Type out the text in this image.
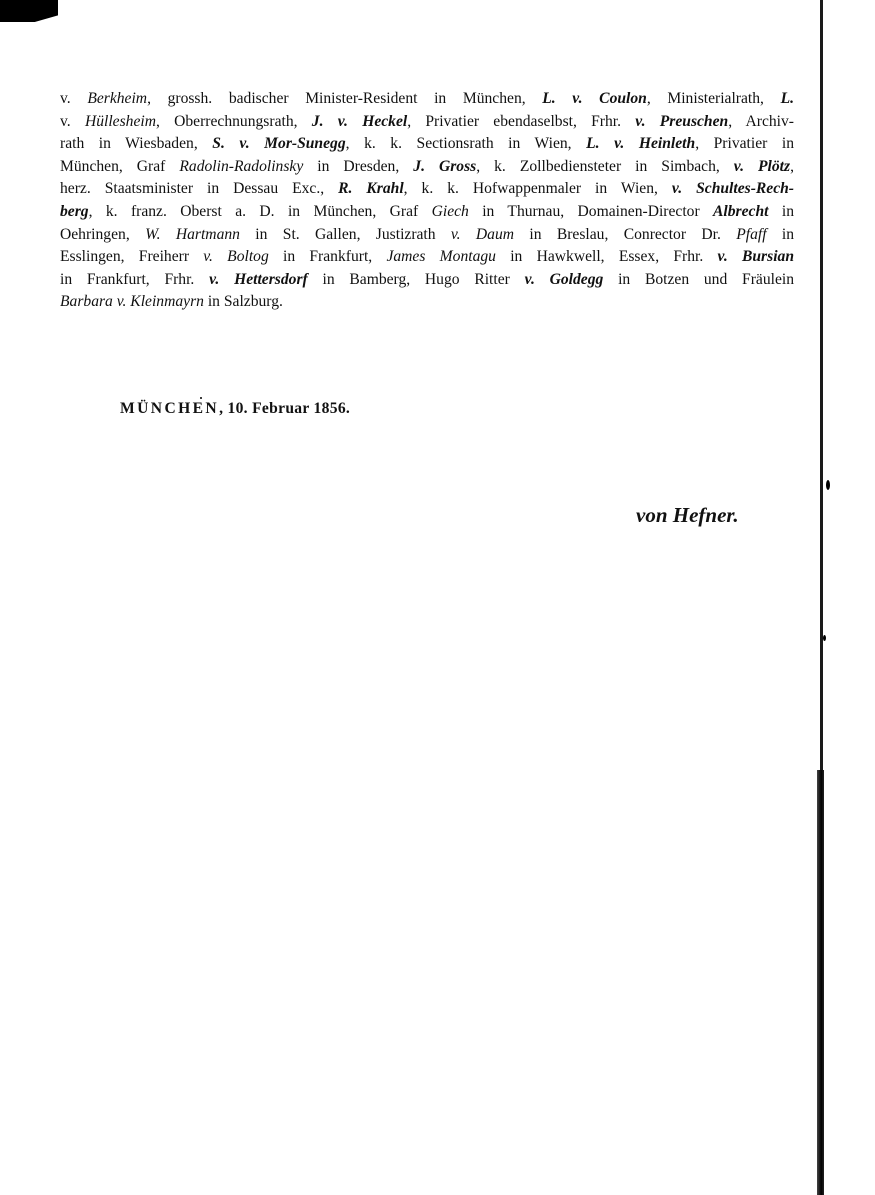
v. Berkheim, grossh. badischer Minister-Resident in München, L. v. Coulon, Ministerialrath, L.
v. Hüllesheim, Oberrechnungsrath, J. v. Heckel, Privatier ebendaselbst, Frhr. v. Preuschen, Archiv-
rath in Wiesbaden, S. v. Mor-Sunegg, k. k. Sectionsrath in Wien, L. v. Heinleth, Privatier in
München, Graf Radolin-Radolinsky in Dresden, J. Gross, k. Zollbediensteter in Simbach, v. Plötz,
herz. Staatsminister in Dessau Exc., R. Krahl, k. k. Hofwappenmaler in Wien, v. Schultes-Rech-
berg, k. franz. Oberst a. D. in München, Graf Giech in Thurnau, Domainen-Director Albrecht in
Oehringen, W. Hartmann in St. Gallen, Justizrath v. Daum in Breslau, Conrector Dr. Pfaff in
Esslingen, Freiherr v. Boltog in Frankfurt, James Montagu in Hawkwell, Essex, Frhr. v. Bursian
in Frankfurt, Frhr. v. Hettersdorf in Bamberg, Hugo Ritter v. Goldegg in Botzen und Fräulein
Barbara v. Kleinmayrn in Salzburg.

MÜNCHEN, 10. Februar 1856.

von Hefner.
